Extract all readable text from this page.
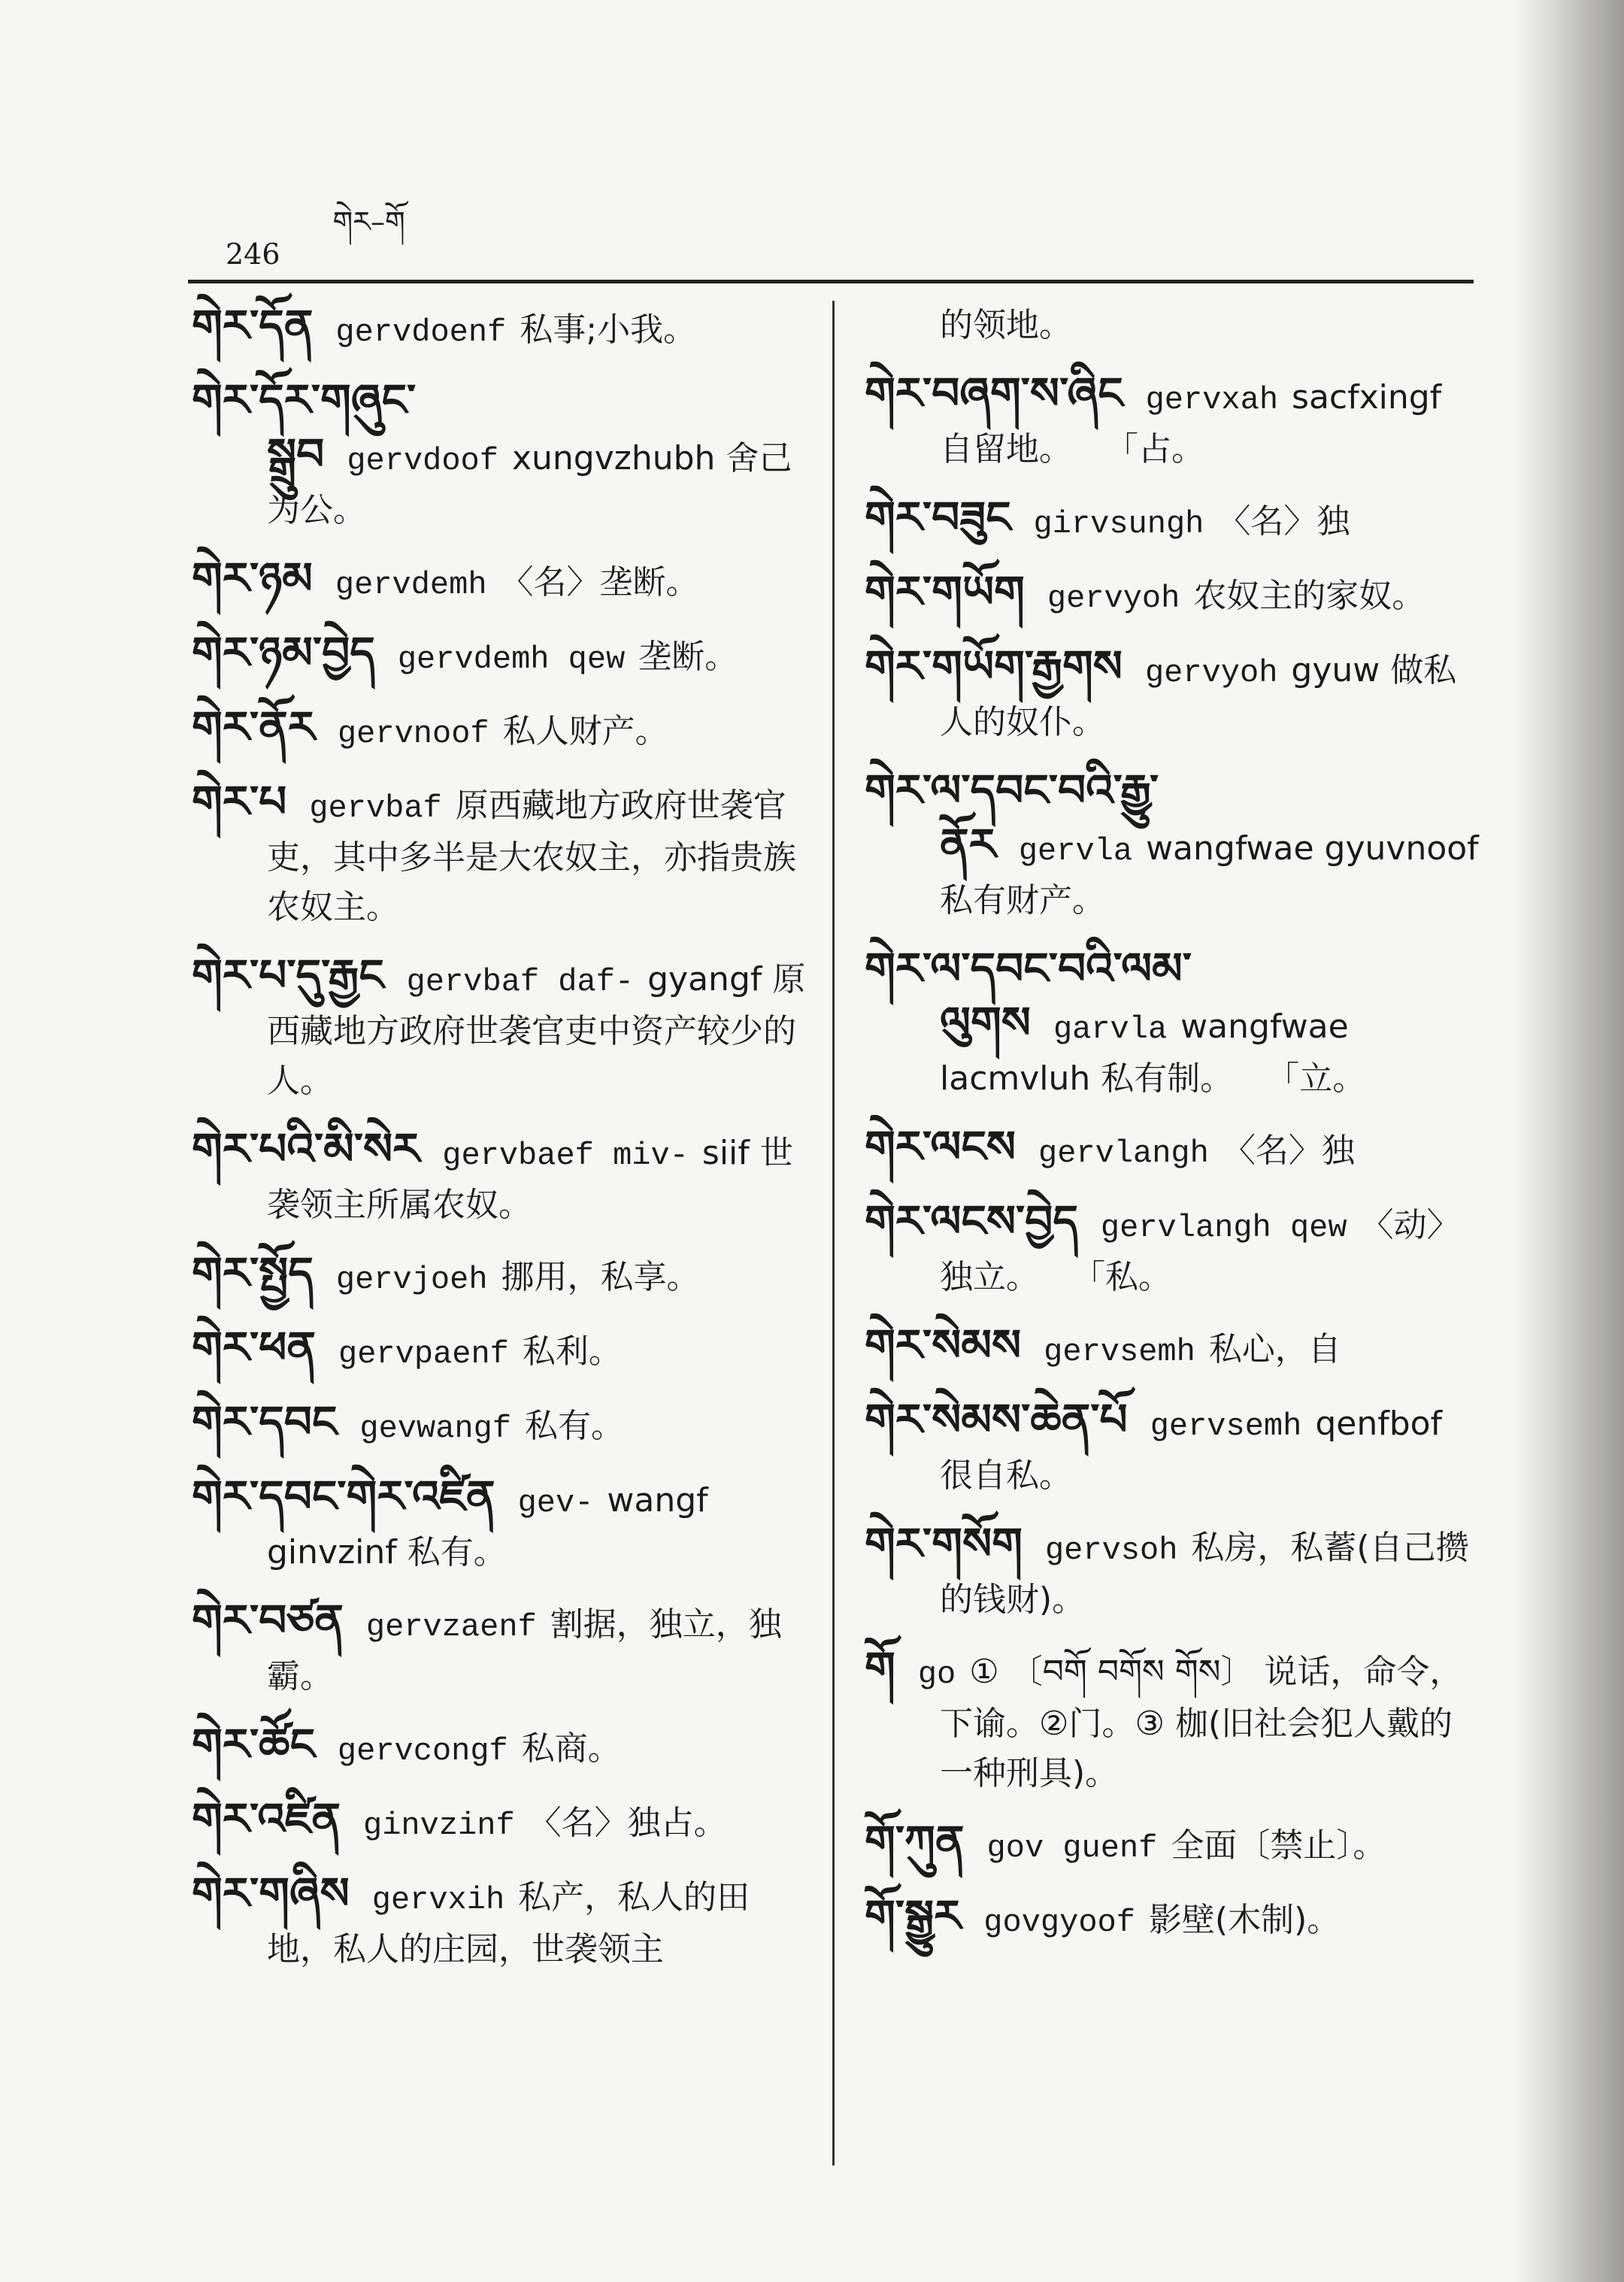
246
གེར–གོ
གེར་དོན gervdoenf 私事;小我。
གེར་དོར་གཞུང་སྒྲུབ gervdoof xungvzhubh 舍己为公。
གེར་ཉམ gervdemh 〈名〉垄断。
གེར་ཉམ་བྱེད gervdemh qew 垄断。
གེར་ནོར gervnoof 私人财产。
གེར་པ gervbaf 原西藏地方政府世袭官吏，其中多半是大农奴主，亦指贵族农奴主。
གེར་པ་དུ་རྒྱང gervbaf daf- gyangf 原西藏地方政府世袭官吏中资产较少的人。
གེར་པའི་མི་སེར gervbaef miv- siif 世袭领主所属农奴。
གེར་སྤྱོད gervjoeh 挪用，私享。
གེར་ཕན gervpaenf 私利。
གེར་དབང gevwangf 私有。
གེར་དབང་གེར་འཛིན gev- wangf ginvzinf 私有。
གེར་བཙན gervzaenf 割据，独立，独霸。
གེར་ཚོང gervcongf 私商。
གེར་འཛིན ginvzinf 〈名〉独占。
གེར་གཞིས gervxih 私产，私人的田地，私人的庄园，世袭领主
的领地。
གེར་བཞག་ས་ཞིང gervxah sacfxingf 自留地。　　「占。
གེར་བཟུང girvsungh 〈名〉独
གེར་གཡོག gervyoh 农奴主的家奴。
གེར་གཡོག་རྒྱགས gervyoh gyuw 做私人的奴仆。
གེར་ལ་དབང་བའི་རྒྱུ་ནོར gervla wangfwae gyuvnoof 私有财产。
གེར་ལ་དབང་བའི་ལམ་ལུགས garvla wangfwae lacmvluh 私有制。　　「立。
གེར་ལངས gervlangh 〈名〉独
གེར་ལངས་བྱེད gervlangh qew 〈动〉独立。　　「私。
གེར་སེམས gervsemh 私心，自
གེར་སེམས་ཆེན་པོ gervsemh qenfbof 很自私。
གེར་གསོག gervsoh 私房，私蓄(自己攒的钱财)。
གོ go ① 〔བགོ བགོས གོས〕 说话，命令，下谕。②门。③ 枷(旧社会犯人戴的一种刑具)。
གོ་ཀུན gov guenf 全面〔禁止〕。
གོ་སྒྱུར govgyoof 影壁(木制)。
